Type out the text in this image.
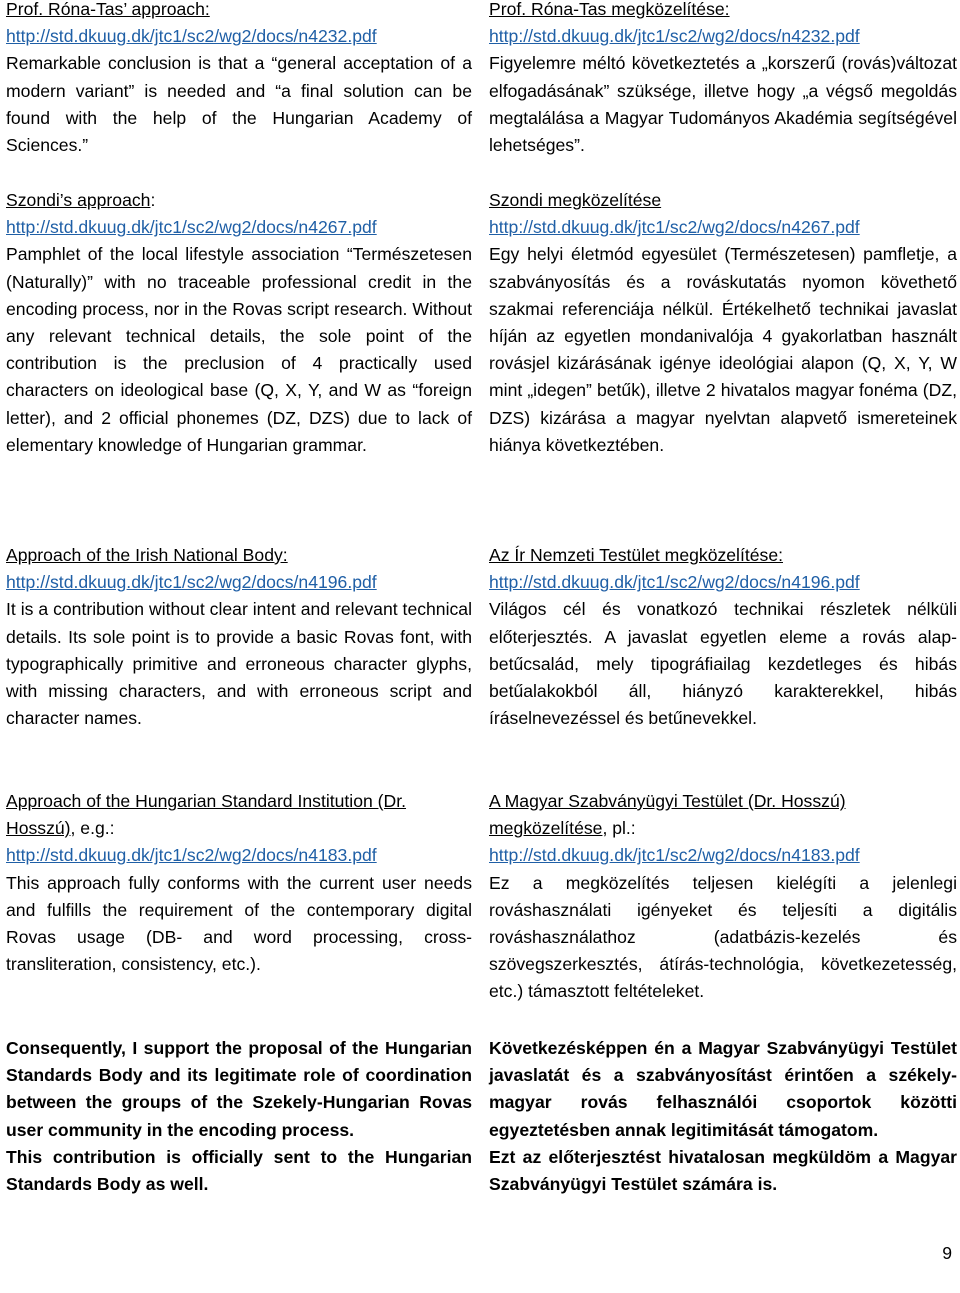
Prof. Róna-Tas’ approach:

http://std.dkuug.dk/jtc1/sc2/wg2/docs/n4232.pdf

Remarkable conclusion is that a “general acceptation of a modern variant” is needed and “a final solution can be found with the help of the Hungarian Academy of Sciences.”

Szondi’s approach:

http://std.dkuug.dk/jtc1/sc2/wg2/docs/n4267.pdf

Pamphlet of the local lifestyle association “Természetesen (Naturally)” with no traceable professional credit in the encoding process, nor in the Rovas script research. Without any relevant technical details, the sole point of the contribution is the preclusion of 4 practically used characters on ideological base (Q, X, Y, and W as “foreign letter), and 2 official phonemes (DZ, DZS) due to lack of elementary knowledge of Hungarian grammar.

Approach of the Irish National Body:

http://std.dkuug.dk/jtc1/sc2/wg2/docs/n4196.pdf

It is a contribution without clear intent and relevant technical details. Its sole point is to provide a basic Rovas font, with typographically primitive and erroneous character glyphs, with missing characters, and with erroneous script and character names.

Approach of the Hungarian Standard Institution (Dr. Hosszú), e.g.:

http://std.dkuug.dk/jtc1/sc2/wg2/docs/n4183.pdf

This approach fully conforms with the current user needs and fulfills the requirement of the contemporary digital Rovas usage (DB- and word processing, cross-transliteration, consistency, etc.).

Consequently, I support the proposal of the Hungarian Standards Body and its legitimate role of coordination between the groups of the Szekely-Hungarian Rovas user community in the encoding process.

This contribution is officially sent to the Hungarian Standards Body as well.

Prof. Róna-Tas megközelítése:

http://std.dkuug.dk/jtc1/sc2/wg2/docs/n4232.pdf

Figyelemre méltó következtetés a „korszerű (rovás)változat elfogadásának” szüksége, illetve hogy „a végső megoldás megtalálása a Magyar Tudományos Akadémia segítségével lehetséges”.

Szondi megközelítése

http://std.dkuug.dk/jtc1/sc2/wg2/docs/n4267.pdf

Egy helyi életmód egyesület (Természetesen) pamfletje, a szabványosítás és a rováskutatás nyomon követhető szakmai referenciája nélkül. Értékelhető technikai javaslat híján az egyetlen mondanivalója 4 gyakorlatban használt rovásjel kizárásának igénye ideológiai alapon (Q, X, Y, W mint „idegen” betűk), illetve 2 hivatalos magyar fonéma (DZ, DZS) kizárása a magyar nyelvtan alapvető ismereteinek hiánya következtében.

Az Ír Nemzeti Testület megközelítése:

http://std.dkuug.dk/jtc1/sc2/wg2/docs/n4196.pdf

Világos cél és vonatkozó technikai részletek nélküli előterjesztés. A javaslat egyetlen eleme a rovás alap-betűcsalád, mely tipográfiailag kezdetleges és hibás betűalakokból áll, hiányzó karakterekkel, hibás íráselnevezéssel és betűnevekkel.

A Magyar Szabványügyi Testület (Dr. Hosszú) megközelítése, pl.:

http://std.dkuug.dk/jtc1/sc2/wg2/docs/n4183.pdf

Ez a megközelítés teljesen kielégíti a jelenlegi rováshasználati igényeket és teljesíti a digitális rováshasználathoz (adatbázis-kezelés és szövegszerkesztés, átírás-technológia, következetesség, etc.) támasztott feltételeket.

Következésképpen én a Magyar Szabványügyi Testület javaslatát és a szabványosítást érintően a székely-magyar rovás felhasználói csoportok közötti egyeztetésben annak legitimitását támogatom.

Ezt az előterjesztést hivatalosan megküldöm a Magyar Szabványügyi Testület számára is.

9
